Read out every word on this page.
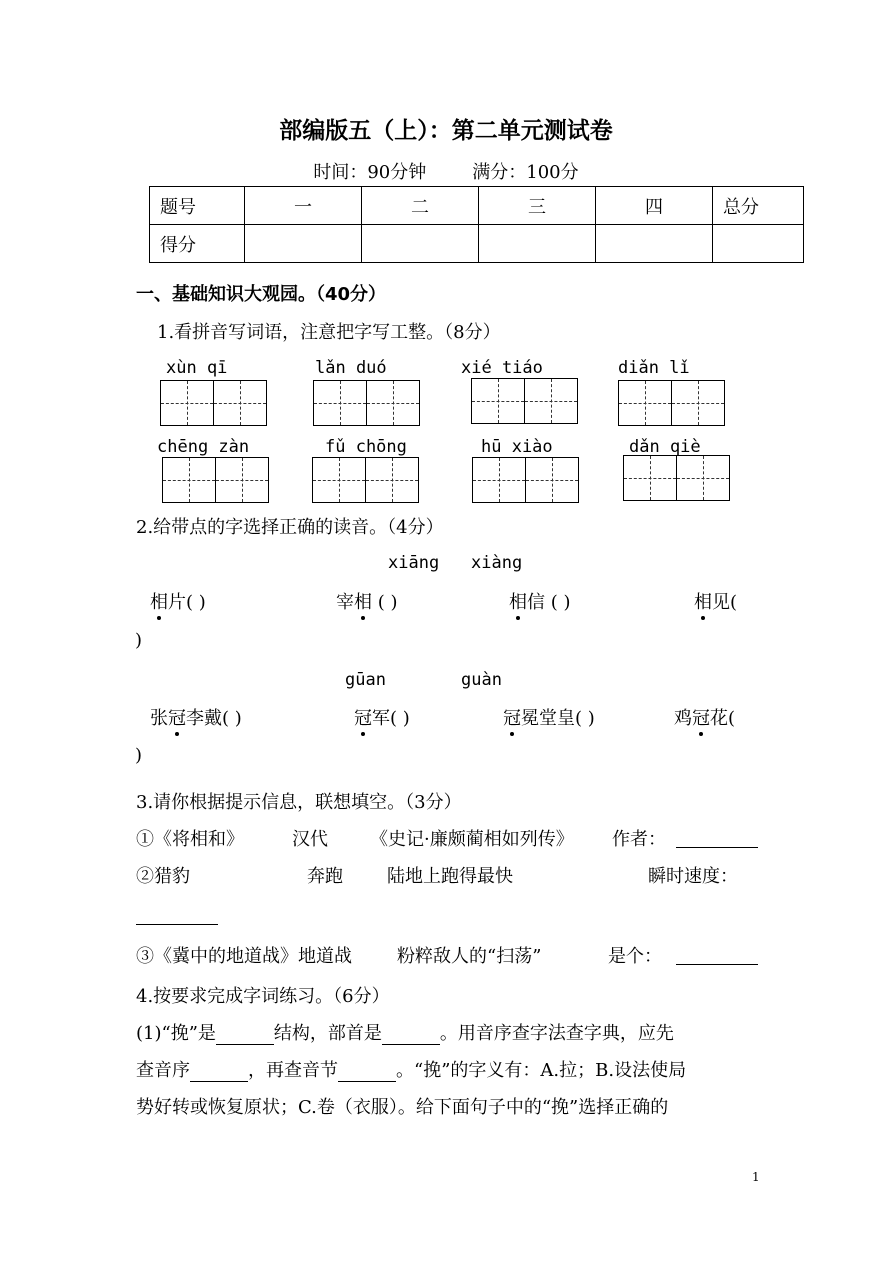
部编版五（上）：第二单元测试卷
时间：90分钟	满分：100分
题号	一	二	三	四	总分
得分					
一、基础知识大观园。（40分）
1.看拼音写词语，注意把字写工整。（8分）
xùn qī	lǎn duó	xié tiáo	diǎn lǐ
chēng zàn	fǔ chōng	hū xiào	dǎn qiè
2.给带点的字选择正确的读音。（4分）
xiāng xiàng
相片( )	宰相 ( )	相信 ( )	相见(
)
gūan	guàn
张冠李戴( )	冠军( )	冠冕堂皇( )	鸡冠花(
)
3.请你根据提示信息，联想填空。（3分）
①《将相和》	汉代 《史记·廉颇蔺相如列传》 作者：
②猎豹	奔跑 陆地上跑得最快	瞬时速度：
③《冀中的地道战》地道战	粉粹敌人的“扫荡”	是个：
4.按要求完成字词练习。（6分）
(1)“挽”是	结构，部首是	。用音序查字法查字典，应先
查音序	，再查音节	。“挽”的字义有：A.拉；B.设法使局
势好转或恢复原状；C.卷（衣服）。给下面句子中的“挽”选择正确的
1
